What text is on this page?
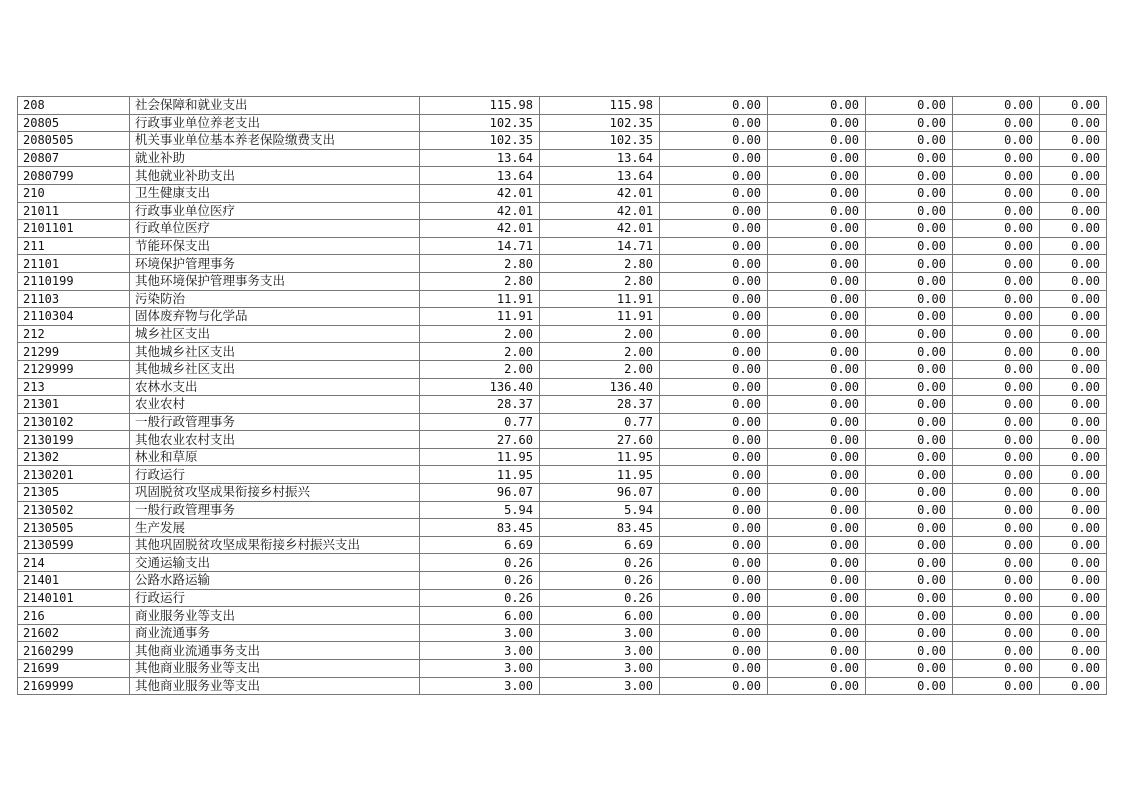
208	社会保障和就业支出	115.98	115.98	0.00	0.00	0.00	0.00	0.00
20805	行政事业单位养老支出	102.35	102.35	0.00	0.00	0.00	0.00	0.00
2080505	机关事业单位基本养老保险缴费支出	102.35	102.35	0.00	0.00	0.00	0.00	0.00
20807	就业补助	13.64	13.64	0.00	0.00	0.00	0.00	0.00
2080799	其他就业补助支出	13.64	13.64	0.00	0.00	0.00	0.00	0.00
210	卫生健康支出	42.01	42.01	0.00	0.00	0.00	0.00	0.00
21011	行政事业单位医疗	42.01	42.01	0.00	0.00	0.00	0.00	0.00
2101101	行政单位医疗	42.01	42.01	0.00	0.00	0.00	0.00	0.00
211	节能环保支出	14.71	14.71	0.00	0.00	0.00	0.00	0.00
21101	环境保护管理事务	2.80	2.80	0.00	0.00	0.00	0.00	0.00
2110199	其他环境保护管理事务支出	2.80	2.80	0.00	0.00	0.00	0.00	0.00
21103	污染防治	11.91	11.91	0.00	0.00	0.00	0.00	0.00
2110304	固体废弃物与化学品	11.91	11.91	0.00	0.00	0.00	0.00	0.00
212	城乡社区支出	2.00	2.00	0.00	0.00	0.00	0.00	0.00
21299	其他城乡社区支出	2.00	2.00	0.00	0.00	0.00	0.00	0.00
2129999	其他城乡社区支出	2.00	2.00	0.00	0.00	0.00	0.00	0.00
213	农林水支出	136.40	136.40	0.00	0.00	0.00	0.00	0.00
21301	农业农村	28.37	28.37	0.00	0.00	0.00	0.00	0.00
2130102	一般行政管理事务	0.77	0.77	0.00	0.00	0.00	0.00	0.00
2130199	其他农业农村支出	27.60	27.60	0.00	0.00	0.00	0.00	0.00
21302	林业和草原	11.95	11.95	0.00	0.00	0.00	0.00	0.00
2130201	行政运行	11.95	11.95	0.00	0.00	0.00	0.00	0.00
21305	巩固脱贫攻坚成果衔接乡村振兴	96.07	96.07	0.00	0.00	0.00	0.00	0.00
2130502	一般行政管理事务	5.94	5.94	0.00	0.00	0.00	0.00	0.00
2130505	生产发展	83.45	83.45	0.00	0.00	0.00	0.00	0.00
2130599	其他巩固脱贫攻坚成果衔接乡村振兴支出	6.69	6.69	0.00	0.00	0.00	0.00	0.00
214	交通运输支出	0.26	0.26	0.00	0.00	0.00	0.00	0.00
21401	公路水路运输	0.26	0.26	0.00	0.00	0.00	0.00	0.00
2140101	行政运行	0.26	0.26	0.00	0.00	0.00	0.00	0.00
216	商业服务业等支出	6.00	6.00	0.00	0.00	0.00	0.00	0.00
21602	商业流通事务	3.00	3.00	0.00	0.00	0.00	0.00	0.00
2160299	其他商业流通事务支出	3.00	3.00	0.00	0.00	0.00	0.00	0.00
21699	其他商业服务业等支出	3.00	3.00	0.00	0.00	0.00	0.00	0.00
2169999	其他商业服务业等支出	3.00	3.00	0.00	0.00	0.00	0.00	0.00
